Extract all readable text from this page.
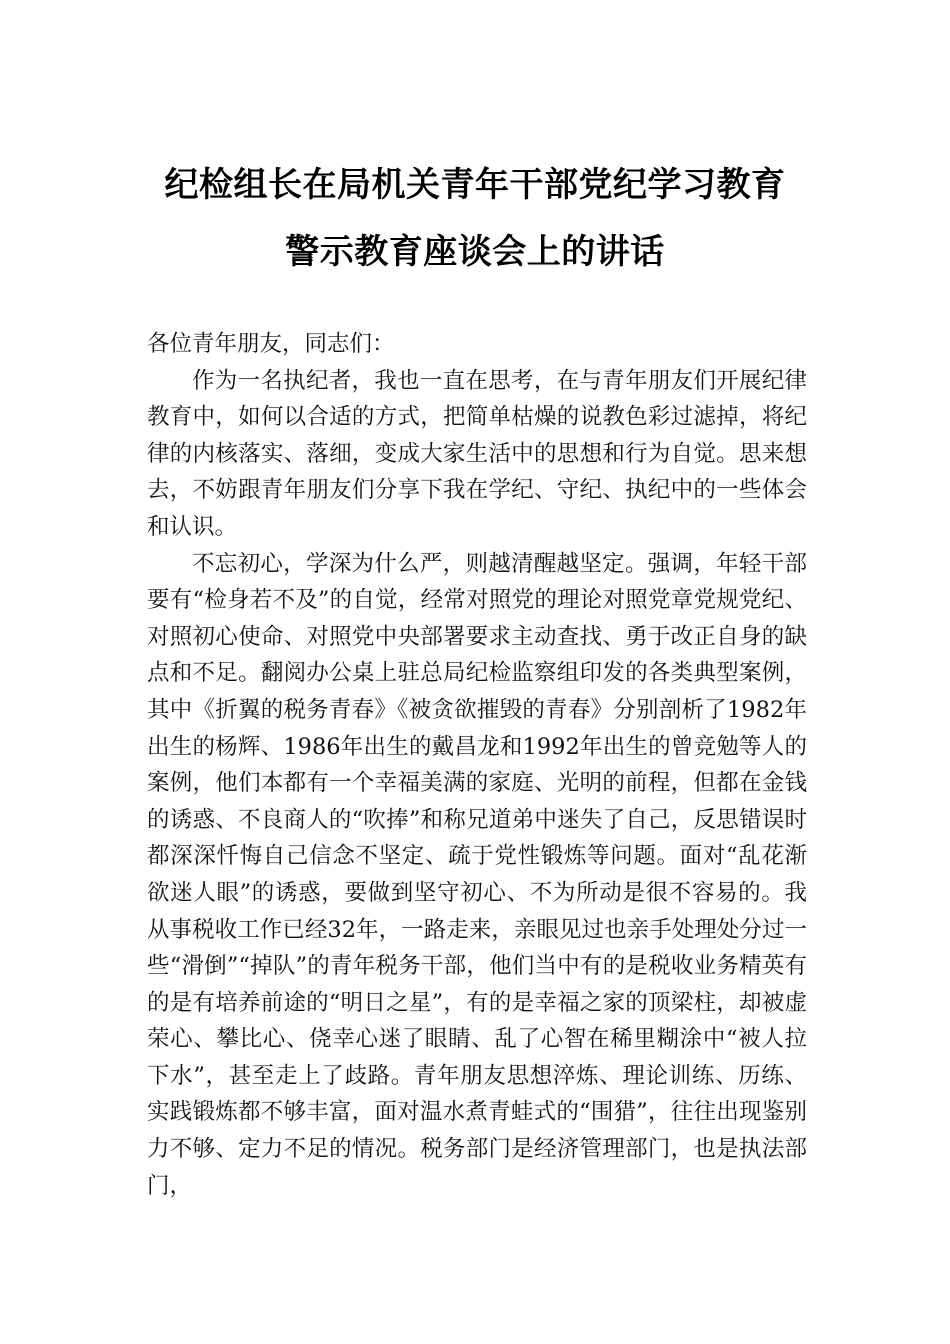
纪检组长在局机关青年干部党纪学习教育
警示教育座谈会上的讲话

各位青年朋友，同志们：

作为一名执纪者，我也一直在思考，在与青年朋友们开展纪律教育中，如何以合适的方式，把简单枯燥的说教色彩过滤掉，将纪律的内核落实、落细，变成大家生活中的思想和行为自觉。思来想去，不妨跟青年朋友们分享下我在学纪、守纪、执纪中的一些体会和认识。

不忘初心，学深为什么严，则越清醒越坚定。强调，年轻干部要有“检身若不及”的自觉，经常对照党的理论对照党章党规党纪、对照初心使命、对照党中央部署要求主动查找、勇于改正自身的缺点和不足。翻阅办公桌上驻总局纪检监察组印发的各类典型案例，其中《折翼的税务青春》《被贪欲摧毁的青春》分别剖析了1982年出生的杨辉、1986年出生的戴昌龙和1992年出生的曾竞勉等人的案例，他们本都有一个幸福美满的家庭、光明的前程，但都在金钱的诱惑、不良商人的“吹捧”和称兄道弟中迷失了自己，反思错误时都深深忏悔自己信念不坚定、疏于党性锻炼等问题。面对“乱花渐欲迷人眼”的诱惑，要做到坚守初心、不为所动是很不容易的。我从事税收工作已经32年，一路走来，亲眼见过也亲手处理处分过一些“滑倒”“掉队”的青年税务干部，他们当中有的是税收业务精英有的是有培养前途的“明日之星”，有的是幸福之家的顶梁柱，却被虚荣心、攀比心、侥幸心迷了眼睛、乱了心智在稀里糊涂中“被人拉下水”，甚至走上了歧路。青年朋友思想淬炼、理论训练、历练、实践锻炼都不够丰富，面对温水煮青蛙式的“围猎”，往往出现鉴别力不够、定力不足的情况。税务部门是经济管理部门，也是执法部门，
